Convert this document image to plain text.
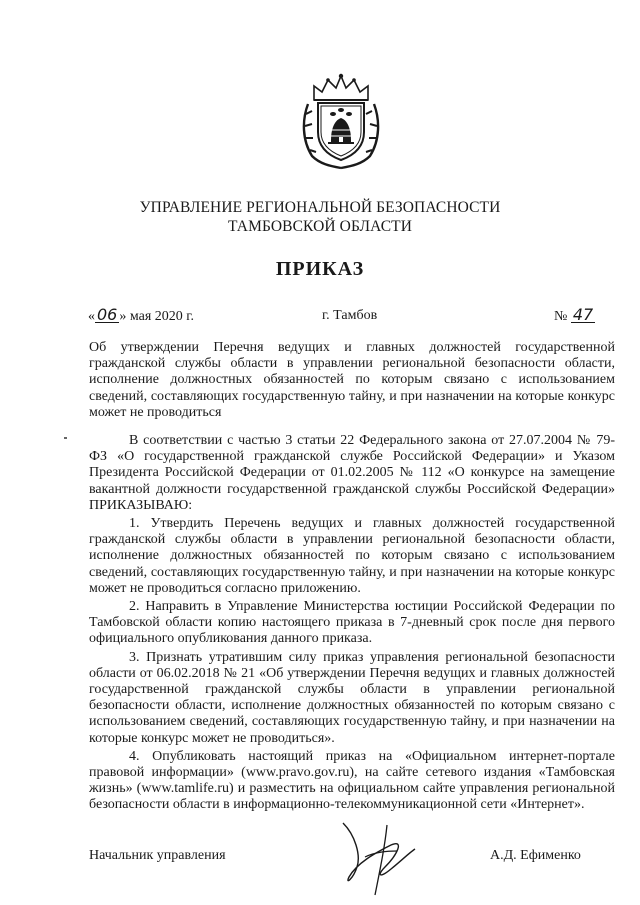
УПРАВЛЕНИЕ РЕГИОНАЛЬНОЙ БЕЗОПАСНОСТИ
ТАМБОВСКОЙ ОБЛАСТИ
ПРИКАЗ
« 06 » мая 2020 г.	г. Тамбов	№ 47
Об утверждении Перечня ведущих и главных должностей государственной гражданской службы области в управлении региональной безопасности области, исполнение должностных обязанностей по которым связано с использованием сведений, составляющих государственную тайну, и при назначении на которые конкурс может не проводиться

В соответствии с частью 3 статьи 22 Федерального закона от 27.07.2004 № 79-ФЗ «О государственной гражданской службе Российской Федерации» и Указом Президента Российской Федерации от 01.02.2005 № 112 «О конкурсе на замещение вакантной должности государственной гражданской службы Российской Федерации» ПРИКАЗЫВАЮ:

1. Утвердить Перечень ведущих и главных должностей государственной гражданской службы области в управлении региональной безопасности области, исполнение должностных обязанностей по которым связано с использованием сведений, составляющих государственную тайну, и при назначении на которые конкурс может не проводиться согласно приложению.

2. Направить в Управление Министерства юстиции Российской Федерации по Тамбовской области копию настоящего приказа в 7-дневный срок после дня первого официального опубликования данного приказа.

3. Признать утратившим силу приказ управления региональной безопасности области от 06.02.2018 № 21 «Об утверждении Перечня ведущих и главных должностей государственной гражданской службы области в управлении региональной безопасности области, исполнение должностных обязанностей по которым связано с использованием сведений, составляющих государственную тайну, и при назначении на которые конкурс может не проводиться».

4. Опубликовать настоящий приказ на «Официальном интернет-портале правовой информации» (www.pravo.gov.ru), на сайте сетевого издания «Тамбовская жизнь» (www.tamlife.ru) и разместить на официальном сайте управления региональной безопасности области в информационно-телекоммуникационной сети «Интернет».

Начальник управления	А.Д. Ефименко
